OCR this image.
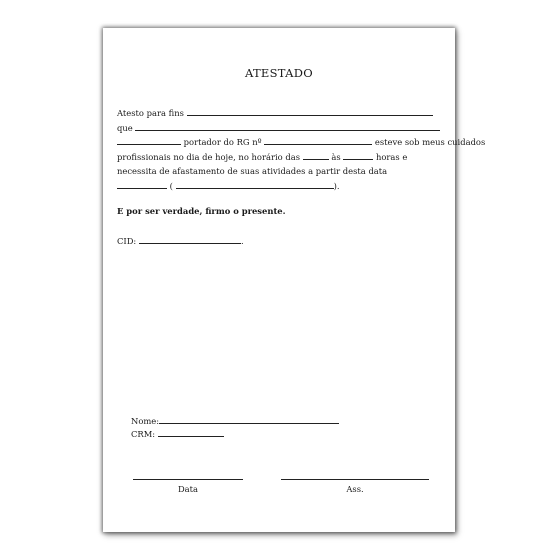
ATESTADO
Atesto para fins
que
portador do RG nº	esteve sob meus cuidados
profissionais no dia de hoje, no horário das	às	horas e
necessita de afastamento de suas atividades a partir desta data
(	).
E por ser verdade, firmo o presente.
CID:	.
Nome:
CRM:
Data	Ass.
